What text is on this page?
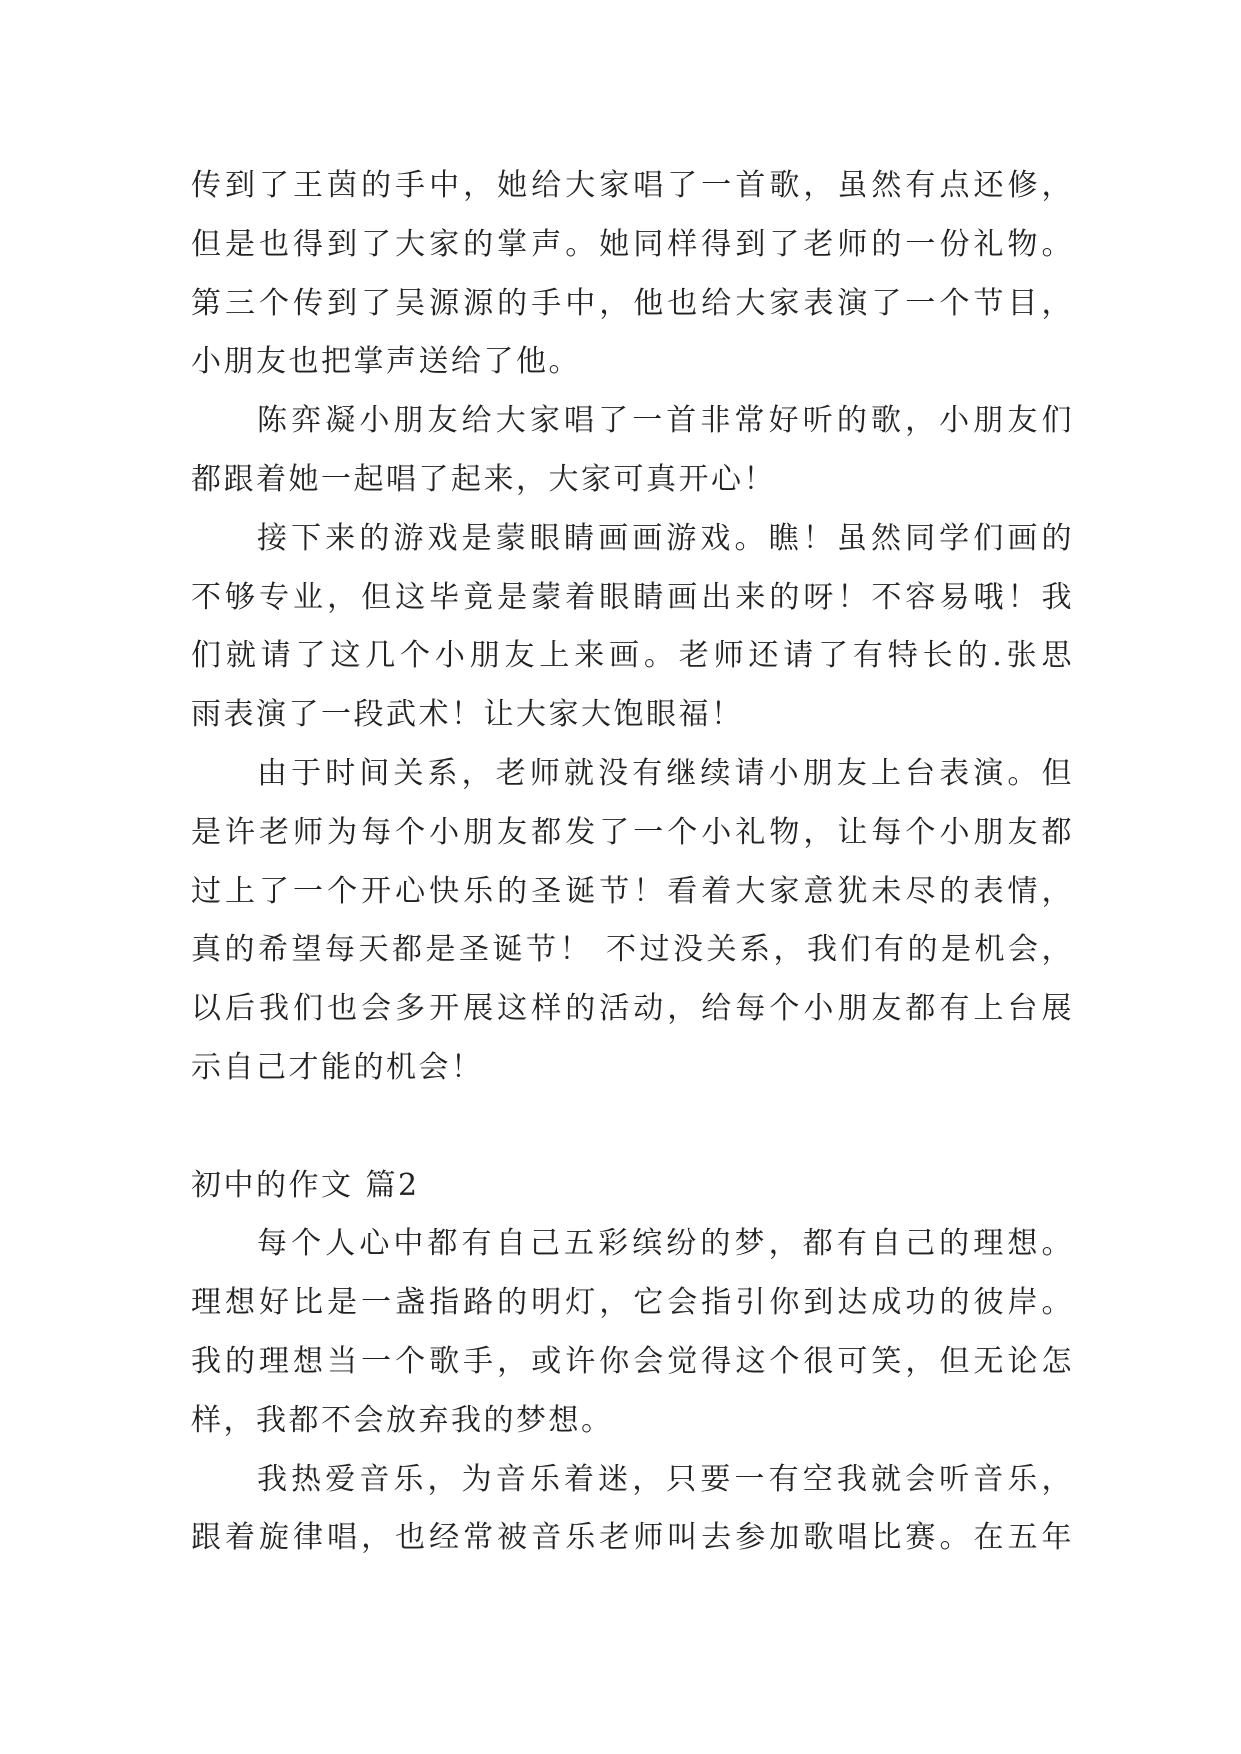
传到了王茵的手中，她给大家唱了一首歌，虽然有点还修，
但是也得到了大家的掌声。她同样得到了老师的一份礼物。
第三个传到了吴源源的手中，他也给大家表演了一个节目，
小朋友也把掌声送给了他。
陈弈凝小朋友给大家唱了一首非常好听的歌，小朋友们
都跟着她一起唱了起来，大家可真开心！
接下来的游戏是蒙眼睛画画游戏。瞧！虽然同学们画的
不够专业，但这毕竟是蒙着眼睛画出来的呀！不容易哦！我
们就请了这几个小朋友上来画。老师还请了有特长的.张思
雨表演了一段武术！让大家大饱眼福！
由于时间关系，老师就没有继续请小朋友上台表演。但
是许老师为每个小朋友都发了一个小礼物，让每个小朋友都
过上了一个开心快乐的圣诞节！看着大家意犹未尽的表情，
真的希望每天都是圣诞节！ 不过没关系，我们有的是机会，
以后我们也会多开展这样的活动，给每个小朋友都有上台展
示自己才能的机会！
初中的作文 篇2
每个人心中都有自己五彩缤纷的梦，都有自己的理想。
理想好比是一盏指路的明灯，它会指引你到达成功的彼岸。
我的理想当一个歌手，或许你会觉得这个很可笑，但无论怎
样，我都不会放弃我的梦想。
我热爱音乐，为音乐着迷，只要一有空我就会听音乐，
跟着旋律唱，也经常被音乐老师叫去参加歌唱比赛。在五年
